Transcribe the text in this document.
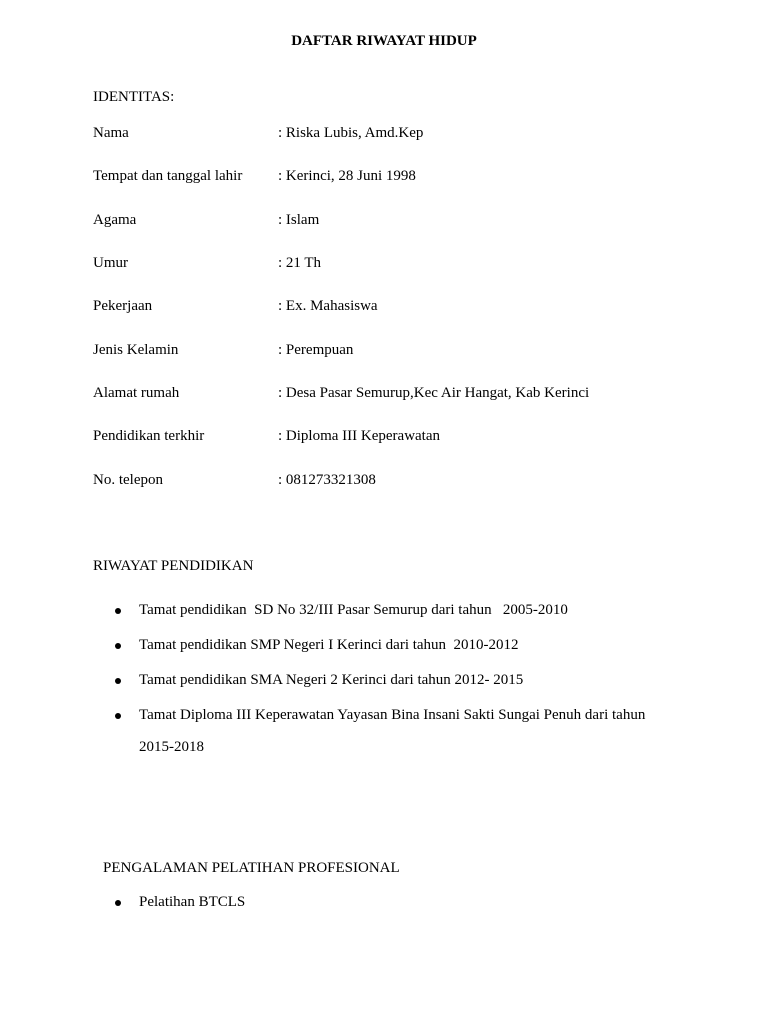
DAFTAR RIWAYAT HIDUP
IDENTITAS:
Nama	: Riska Lubis, Amd.Kep
Tempat dan tanggal lahir : Kerinci, 28 Juni 1998
Agama	: Islam
Umur	: 21 Th
Pekerjaan	: Ex. Mahasiswa
Jenis Kelamin	: Perempuan
Alamat rumah	: Desa Pasar Semurup,Kec Air Hangat, Kab Kerinci
Pendidikan terkhir	: Diploma III Keperawatan
No. telepon	: 081273321308
RIWAYAT PENDIDIKAN
Tamat pendidikan  SD No 32/III Pasar Semurup dari tahun   2005-2010
Tamat pendidikan SMP Negeri I Kerinci dari tahun  2010-2012
Tamat pendidikan SMA Negeri 2 Kerinci dari tahun 2012- 2015
Tamat Diploma III Keperawatan Yayasan Bina Insani Sakti Sungai Penuh dari tahun
2015-2018
PENGALAMAN PELATIHAN PROFESIONAL
Pelatihan BTCLS
